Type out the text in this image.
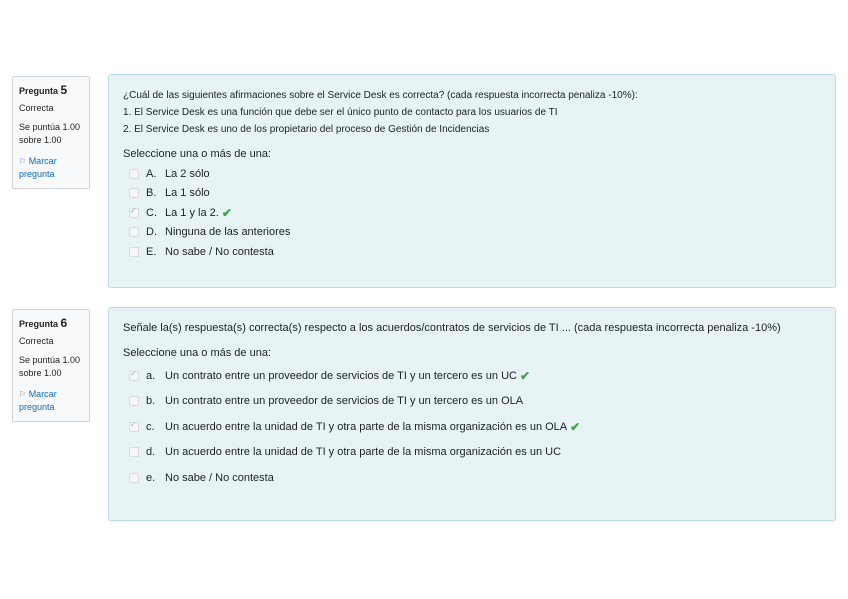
Pregunta 5
Correcta
Se puntúa 1.00 sobre 1.00
⚐ Marcar pregunta
¿Cuál de las siguientes afirmaciones sobre el Service Desk es correcta? (cada respuesta incorrecta penaliza -10%):
1. El Service Desk es una función que debe ser el único punto de contacto para los usuarios de TI
2. El Service Desk es uno de los propietario del proceso de Gestión de Incidencias
Seleccione una o más de una:
A. La 2 sólo
B. La 1 sólo
✓
C. La 1 y la 2. ✔
D. Ninguna de las anteriores
E. No sabe / No contesta
Pregunta 6
Correcta
Se puntúa 1.00 sobre 1.00
⚐ Marcar pregunta
Señale la(s) respuesta(s) correcta(s) respecto a los acuerdos/contratos de servicios de TI ... (cada respuesta incorrecta penaliza -10%)
Seleccione una o más de una:
✓
a. Un contrato entre un proveedor de servicios de TI y un tercero es un UC ✔
b. Un contrato entre un proveedor de servicios de TI y un tercero es un OLA
✓
c. Un acuerdo entre la unidad de TI y otra parte de la misma organización es un OLA ✔
d. Un acuerdo entre la unidad de TI y otra parte de la misma organización es un UC
e. No sabe / No contesta
